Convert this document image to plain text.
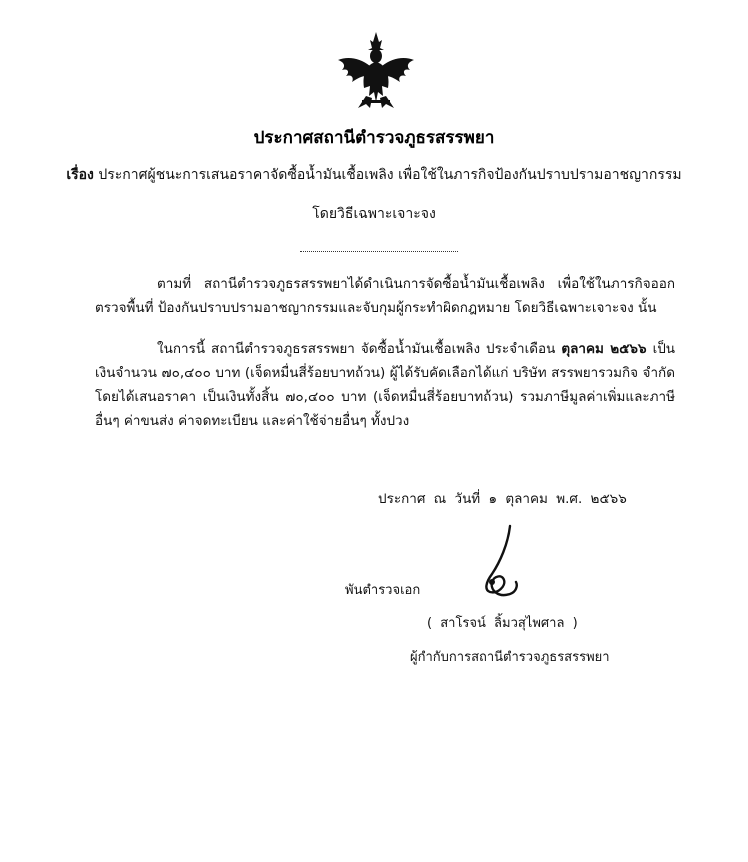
ประกาศสถานีตำรวจภูธรสรรพยา
เรื่อง ประกาศผู้ชนะการเสนอราคาจัดซื้อน้ำมันเชื้อเพลิง เพื่อใช้ในภารกิจป้องกันปราบปรามอาชญากรรม
โดยวิธีเฉพาะเจาะจง
ตามที่ สถานีตำรวจภูธรสรรพยาได้ดำเนินการจัดซื้อน้ำมันเชื้อเพลิง เพื่อใช้ในภารกิจออกตรวจพื้นที่ ป้องกันปราบปรามอาชญากรรมและจับกุมผู้กระทำผิดกฎหมาย โดยวิธีเฉพาะเจาะจง นั้น
ในการนี้ สถานีตำรวจภูธรสรรพยา จัดซื้อน้ำมันเชื้อเพลิง ประจำเดือน ตุลาคม ๒๕๖๖ เป็นเงินจำนวน ๗๐,๔๐๐ บาท (เจ็ดหมื่นสี่ร้อยบาทถ้วน) ผู้ได้รับคัดเลือกได้แก่ บริษัท สรรพยารวมกิจ จำกัด โดยได้เสนอราคา เป็นเงินทั้งสิ้น ๗๐,๔๐๐ บาท (เจ็ดหมื่นสี่ร้อยบาทถ้วน) รวมภาษีมูลค่าเพิ่มและภาษีอื่นๆ ค่าขนส่ง ค่าจดทะเบียน และค่าใช้จ่ายอื่นๆ ทั้งปวง
ประกาศ ณ วันที่ ๑ ตุลาคม พ.ศ. ๒๕๖๖
พันตำรวจเอก
( สาโรจน์ ลิ้มวสุไพศาล )
ผู้กำกับการสถานีตำรวจภูธรสรรพยา
